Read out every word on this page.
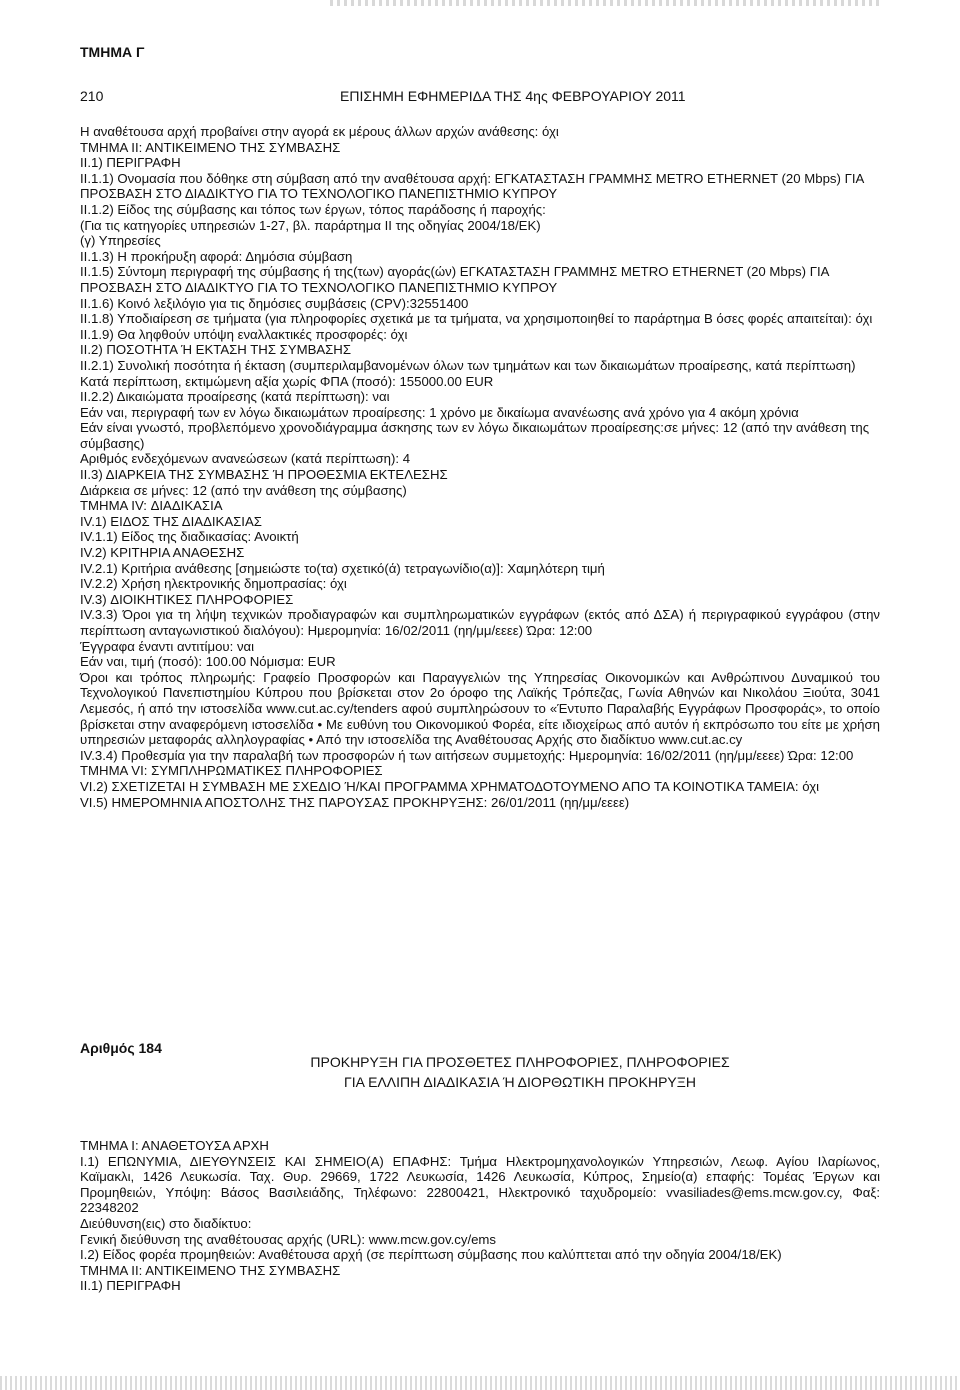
ΤΜΗΜΑ Γ
210	ΕΠΙΣΗΜΗ ΕΦΗΜΕΡΙΔΑ ΤΗΣ 4ης ΦΕΒΡΟΥΑΡΙΟΥ 2011

Η αναθέτουσα αρχή προβαίνει στην αγορά εκ μέρους άλλων αρχών ανάθεσης: όχι

ΤΜΗΜΑ ΙΙ: ΑΝΤΙΚΕΙΜΕΝΟ ΤΗΣ ΣΥΜΒΑΣΗΣ

ΙΙ.1) ΠΕΡΙΓΡΑΦΗ

ΙΙ.1.1) Ονομασία που δόθηκε στη σύμβαση από την αναθέτουσα αρχή: ΕΓΚΑΤΑΣΤΑΣΗ ΓΡΑΜΜΗΣ METRO ETHERNET (20 Mbps) ΓΙΑ ΠΡΟΣΒΑΣΗ ΣΤΟ ΔΙΑΔΙΚΤΥΟ ΓΙΑ ΤΟ ΤΕΧΝΟΛΟΓΙΚΟ ΠΑΝΕΠΙΣΤΗΜΙΟ ΚΥΠΡΟΥ

ΙΙ.1.2) Είδος της σύμβασης και τόπος των έργων, τόπος παράδοσης ή παροχής:

(Για τις κατηγορίες υπηρεσιών 1-27, βλ. παράρτημα ΙΙ της οδηγίας 2004/18/ΕΚ)

(γ) Υπηρεσίες

ΙΙ.1.3) Η προκήρυξη αφορά: Δημόσια σύμβαση

ΙΙ.1.5) Σύντομη περιγραφή της σύμβασης ή της(των) αγοράς(ών) ΕΓΚΑΤΑΣΤΑΣΗ ΓΡΑΜΜΗΣ METRO ETHERNET (20 Mbps) ΓΙΑ ΠΡΟΣΒΑΣΗ ΣΤΟ ΔΙΑΔΙΚΤΥΟ ΓΙΑ ΤΟ ΤΕΧΝΟΛΟΓΙΚΟ ΠΑΝΕΠΙΣΤΗΜΙΟ ΚΥΠΡΟΥ

ΙΙ.1.6) Κοινό λεξιλόγιο για τις δημόσιες συμβάσεις (CPV):32551400

ΙΙ.1.8) Υποδιαίρεση σε τμήματα (για πληροφορίες σχετικά με τα τμήματα, να χρησιμοποιηθεί το παράρτημα Β όσες φορές απαιτείται): όχι

ΙΙ.1.9) Θα ληφθούν υπόψη εναλλακτικές προσφορές: όχι

ΙΙ.2) ΠΟΣΟΤΗΤΑ Ή ΕΚΤΑΣΗ ΤΗΣ ΣΥΜΒΑΣΗΣ

ΙΙ.2.1) Συνολική ποσότητα ή έκταση (συμπεριλαμβανομένων όλων των τμημάτων και των δικαιωμάτων προαίρεσης, κατά περίπτωση)

Κατά περίπτωση, εκτιμώμενη αξία χωρίς ΦΠΑ (ποσό): 155000.00 EUR

ΙΙ.2.2) Δικαιώματα προαίρεσης (κατά περίπτωση): ναι

Εάν ναι, περιγραφή των εν λόγω δικαιωμάτων προαίρεσης: 1 χρόνο με δικαίωμα ανανέωσης ανά χρόνο για 4 ακόμη χρόνια

Εάν είναι γνωστό, προβλεπόμενο χρονοδιάγραμμα άσκησης των εν λόγω δικαιωμάτων προαίρεσης:σε μήνες: 12 (από την ανάθεση της σύμβασης)

Αριθμός ενδεχόμενων ανανεώσεων (κατά περίπτωση): 4

ΙΙ.3) ΔΙΑΡΚΕΙΑ ΤΗΣ ΣΥΜΒΑΣΗΣ Ή ΠΡΟΘΕΣΜΙΑ ΕΚΤΕΛΕΣΗΣ

Διάρκεια σε μήνες: 12 (από την ανάθεση της σύμβασης)

ΤΜΗΜΑ IV: ΔΙΑΔΙΚΑΣΙΑ

IV.1) ΕΙΔΟΣ ΤΗΣ ΔΙΑΔΙΚΑΣΙΑΣ

IV.1.1) Είδος της διαδικασίας: Ανοικτή

IV.2) ΚΡΙΤΗΡΙΑ ΑΝΑΘΕΣΗΣ

IV.2.1) Κριτήρια ανάθεσης [σημειώστε το(τα) σχετικό(ά) τετραγωνίδιο(α)]: Χαμηλότερη τιμή

IV.2.2) Χρήση ηλεκτρονικής δημοπρασίας: όχι

IV.3) ΔΙΟΙΚΗΤΙΚΕΣ ΠΛΗΡΟΦΟΡΙΕΣ

IV.3.3) Όροι για τη λήψη τεχνικών προδιαγραφών και συμπληρωματικών εγγράφων (εκτός από ΔΣΑ) ή περιγραφικού εγγράφου (στην περίπτωση ανταγωνιστικού διαλόγου): Ημερομηνία: 16/02/2011 (ηη/μμ/εεεε) Ώρα: 12:00

Έγγραφα έναντι αντιτίμου: ναι

Εάν ναι, τιμή (ποσό): 100.00 Νόμισμα: EUR

Όροι και τρόπος πληρωμής: Γραφείο Προσφορών και Παραγγελιών της Υπηρεσίας Οικονομικών και Ανθρώπινου Δυναμικού του Τεχνολογικού Πανεπιστημίου Κύπρου που βρίσκεται στον 2ο όροφο της Λαϊκής Τρόπεζας, Γωνία Αθηνών και Νικολάου Ξιούτα, 3041 Λεμεσός, ή από την ιστοσελίδα www.cut.ac.cy/tenders αφού συμπληρώσουν το «Έντυπο Παραλαβής Εγγράφων Προσφοράς», το οποίο βρίσκεται στην αναφερόμενη ιστοσελίδα • Με ευθύνη του Οικονομικού Φορέα, είτε ιδιοχείρως από αυτόν ή εκπρόσωπο του είτε με χρήση υπηρεσιών μεταφοράς αλληλογραφίας • Από την ιστοσελίδα της Αναθέτουσας Αρχής στο διαδίκτυο www.cut.ac.cy

IV.3.4) Προθεσμία για την παραλαβή των προσφορών ή των αιτήσεων συμμετοχής: Ημερομηνία: 16/02/2011 (ηη/μμ/εεεε) Ώρα: 12:00

ΤΜΗΜΑ VI: ΣΥΜΠΛΗΡΩΜΑΤΙΚΕΣ ΠΛΗΡΟΦΟΡΙΕΣ

VI.2) ΣΧΕΤΙΖΕΤΑΙ Η ΣΥΜΒΑΣΗ ΜΕ ΣΧΕΔΙΟ Ή/ΚΑΙ ΠΡΟΓΡΑΜΜΑ ΧΡΗΜΑΤΟΔΟΤΟΥΜΕΝΟ ΑΠΟ ΤΑ ΚΟΙΝΟΤΙΚΑ ΤΑΜΕΙΑ: όχι

VI.5) ΗΜΕΡΟΜΗΝΙΑ ΑΠΟΣΤΟΛΗΣ ΤΗΣ ΠΑΡΟΥΣΑΣ ΠΡΟΚΗΡΥΞΗΣ: 26/01/2011 (ηη/μμ/εεεε)

Αριθμός 184

ΠΡΟΚΗΡΥΞΗ ΓΙΑ ΠΡΟΣΘΕΤΕΣ ΠΛΗΡΟΦΟΡΙΕΣ, ΠΛΗΡΟΦΟΡΙΕΣ

ΓΙΑ ΕΛΛΙΠΗ ΔΙΑΔΙΚΑΣΙΑ Ή ΔΙΟΡΘΩΤΙΚΗ ΠΡΟΚΗΡΥΞΗ

ΤΜΗΜΑ Ι: ΑΝΑΘΕΤΟΥΣΑ ΑΡΧΗ

Ι.1) ΕΠΩΝΥΜΙΑ, ΔΙΕΥΘΥΝΣΕΙΣ ΚΑΙ ΣΗΜΕΙΟ(Α) ΕΠΑΦΗΣ: Τμήμα Ηλεκτρομηχανολογικών Υπηρεσιών, Λεωφ. Αγίου Ιλαρίωνος, Καϊμακλι, 1426 Λευκωσία. Ταχ. Θυρ. 29669, 1722 Λευκωσία, 1426 Λευκωσία, Κύπρος, Σημείο(α) επαφής: Τομέας Έργων και Προμηθειών, Υπόψη: Βάσος Βασιλειάδης, Τηλέφωνο: 22800421, Ηλεκτρονικό ταχυδρομείο: vvasiliades@ems.mcw.gov.cy, Φαξ: 22348202

Διεύθυνση(εις) στο διαδίκτυο:

Γενική διεύθυνση της αναθέτουσας αρχής (URL): www.mcw.gov.cy/ems

Ι.2) Είδος φορέα προμηθειών: Αναθέτουσα αρχή (σε περίπτωση σύμβασης που καλύπτεται από την οδηγία 2004/18/ΕΚ)

ΤΜΗΜΑ ΙΙ: ΑΝΤΙΚΕΙΜΕΝΟ ΤΗΣ ΣΥΜΒΑΣΗΣ

ΙΙ.1) ΠΕΡΙΓΡΑΦΗ
